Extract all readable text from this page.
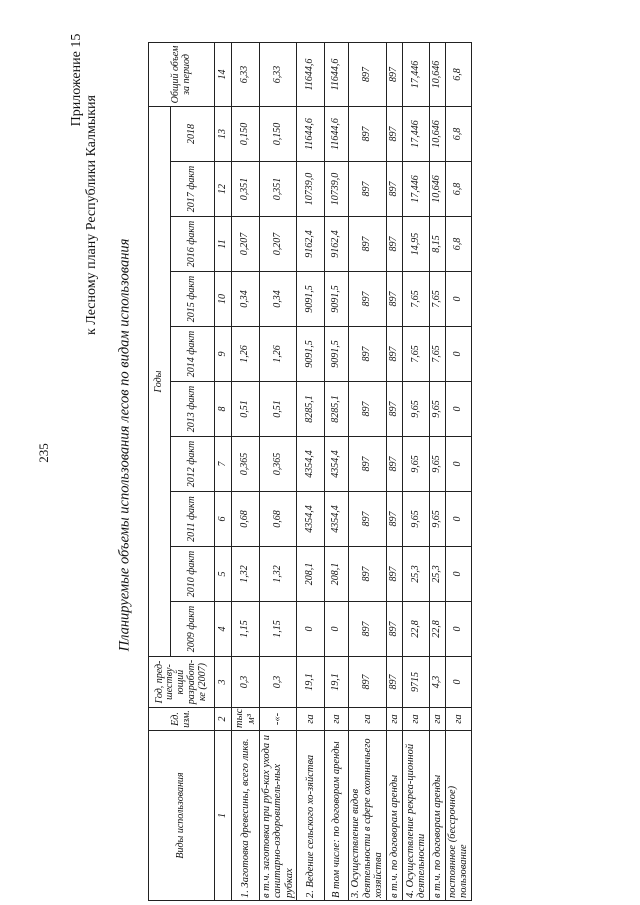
235
Приложение 15
к Лесному плану Республики Калмыкия
Планируемые объемы использования лесов по видам использования
Виды использования	Ед. изм.	Год, пред-шеству-ющий разработ-ке (2007)	Годы										Общий объем за период
			2009 факт	2010 факт	2011 факт	2012 факт	2013 факт	2014 факт	2015 факт	2016 факт	2017 факт	2018	
1	2	3	4	5	6	7	8	9	10	11	12	13	14
1. Заготовка древесины, всего ликв.	тыс м³	0,3	1,15	1,32	0,68	0,365	0,51	1,26	0,34	0,207	0,351	0,150	6,33
в т.ч. заготовка при руб-ках ухода и санитарно-оздоровитель-ных рубках	-«-	0,3	1,15	1,32	0,68	0,365	0,51	1,26	0,34	0,207	0,351	0,150	6,33
2. Ведение сельского хо-зяйства	га	19,1	0	208,1	4354,4	4354,4	8285,1	9091,5	9091,5	9162,4	10739,0	11644,6	11644,6
В том числе: по договорам аренды	га	19,1	0	208,1	4354,4	4354,4	8285,1	9091,5	9091,5	9162,4	10739,0	11644,6	11644,6
3. Осуществление видов деятельности в сфере охотничьего хозяйства	га	897	897	897	897	897	897	897	897	897	897	897	897
в т.ч. по договорам аренды	га	897	897	897	897	897	897	897	897	897	897	897	897
4. Осуществление рекреа-ционной деятельности	га	9715	22,8	25,3	9,65	9,65	9,65	7,65	7,65	14,95	17,446	17,446	17,446
в т.ч. по договорам аренды	га	4,3	22,8	25,3	9,65	9,65	9,65	7,65	7,65	8,15	10,646	10,646	10,646
постоянное (бессрочное) пользование	га	0	0	0	0	0	0	0	0	6,8	6,8	6,8	6,8
